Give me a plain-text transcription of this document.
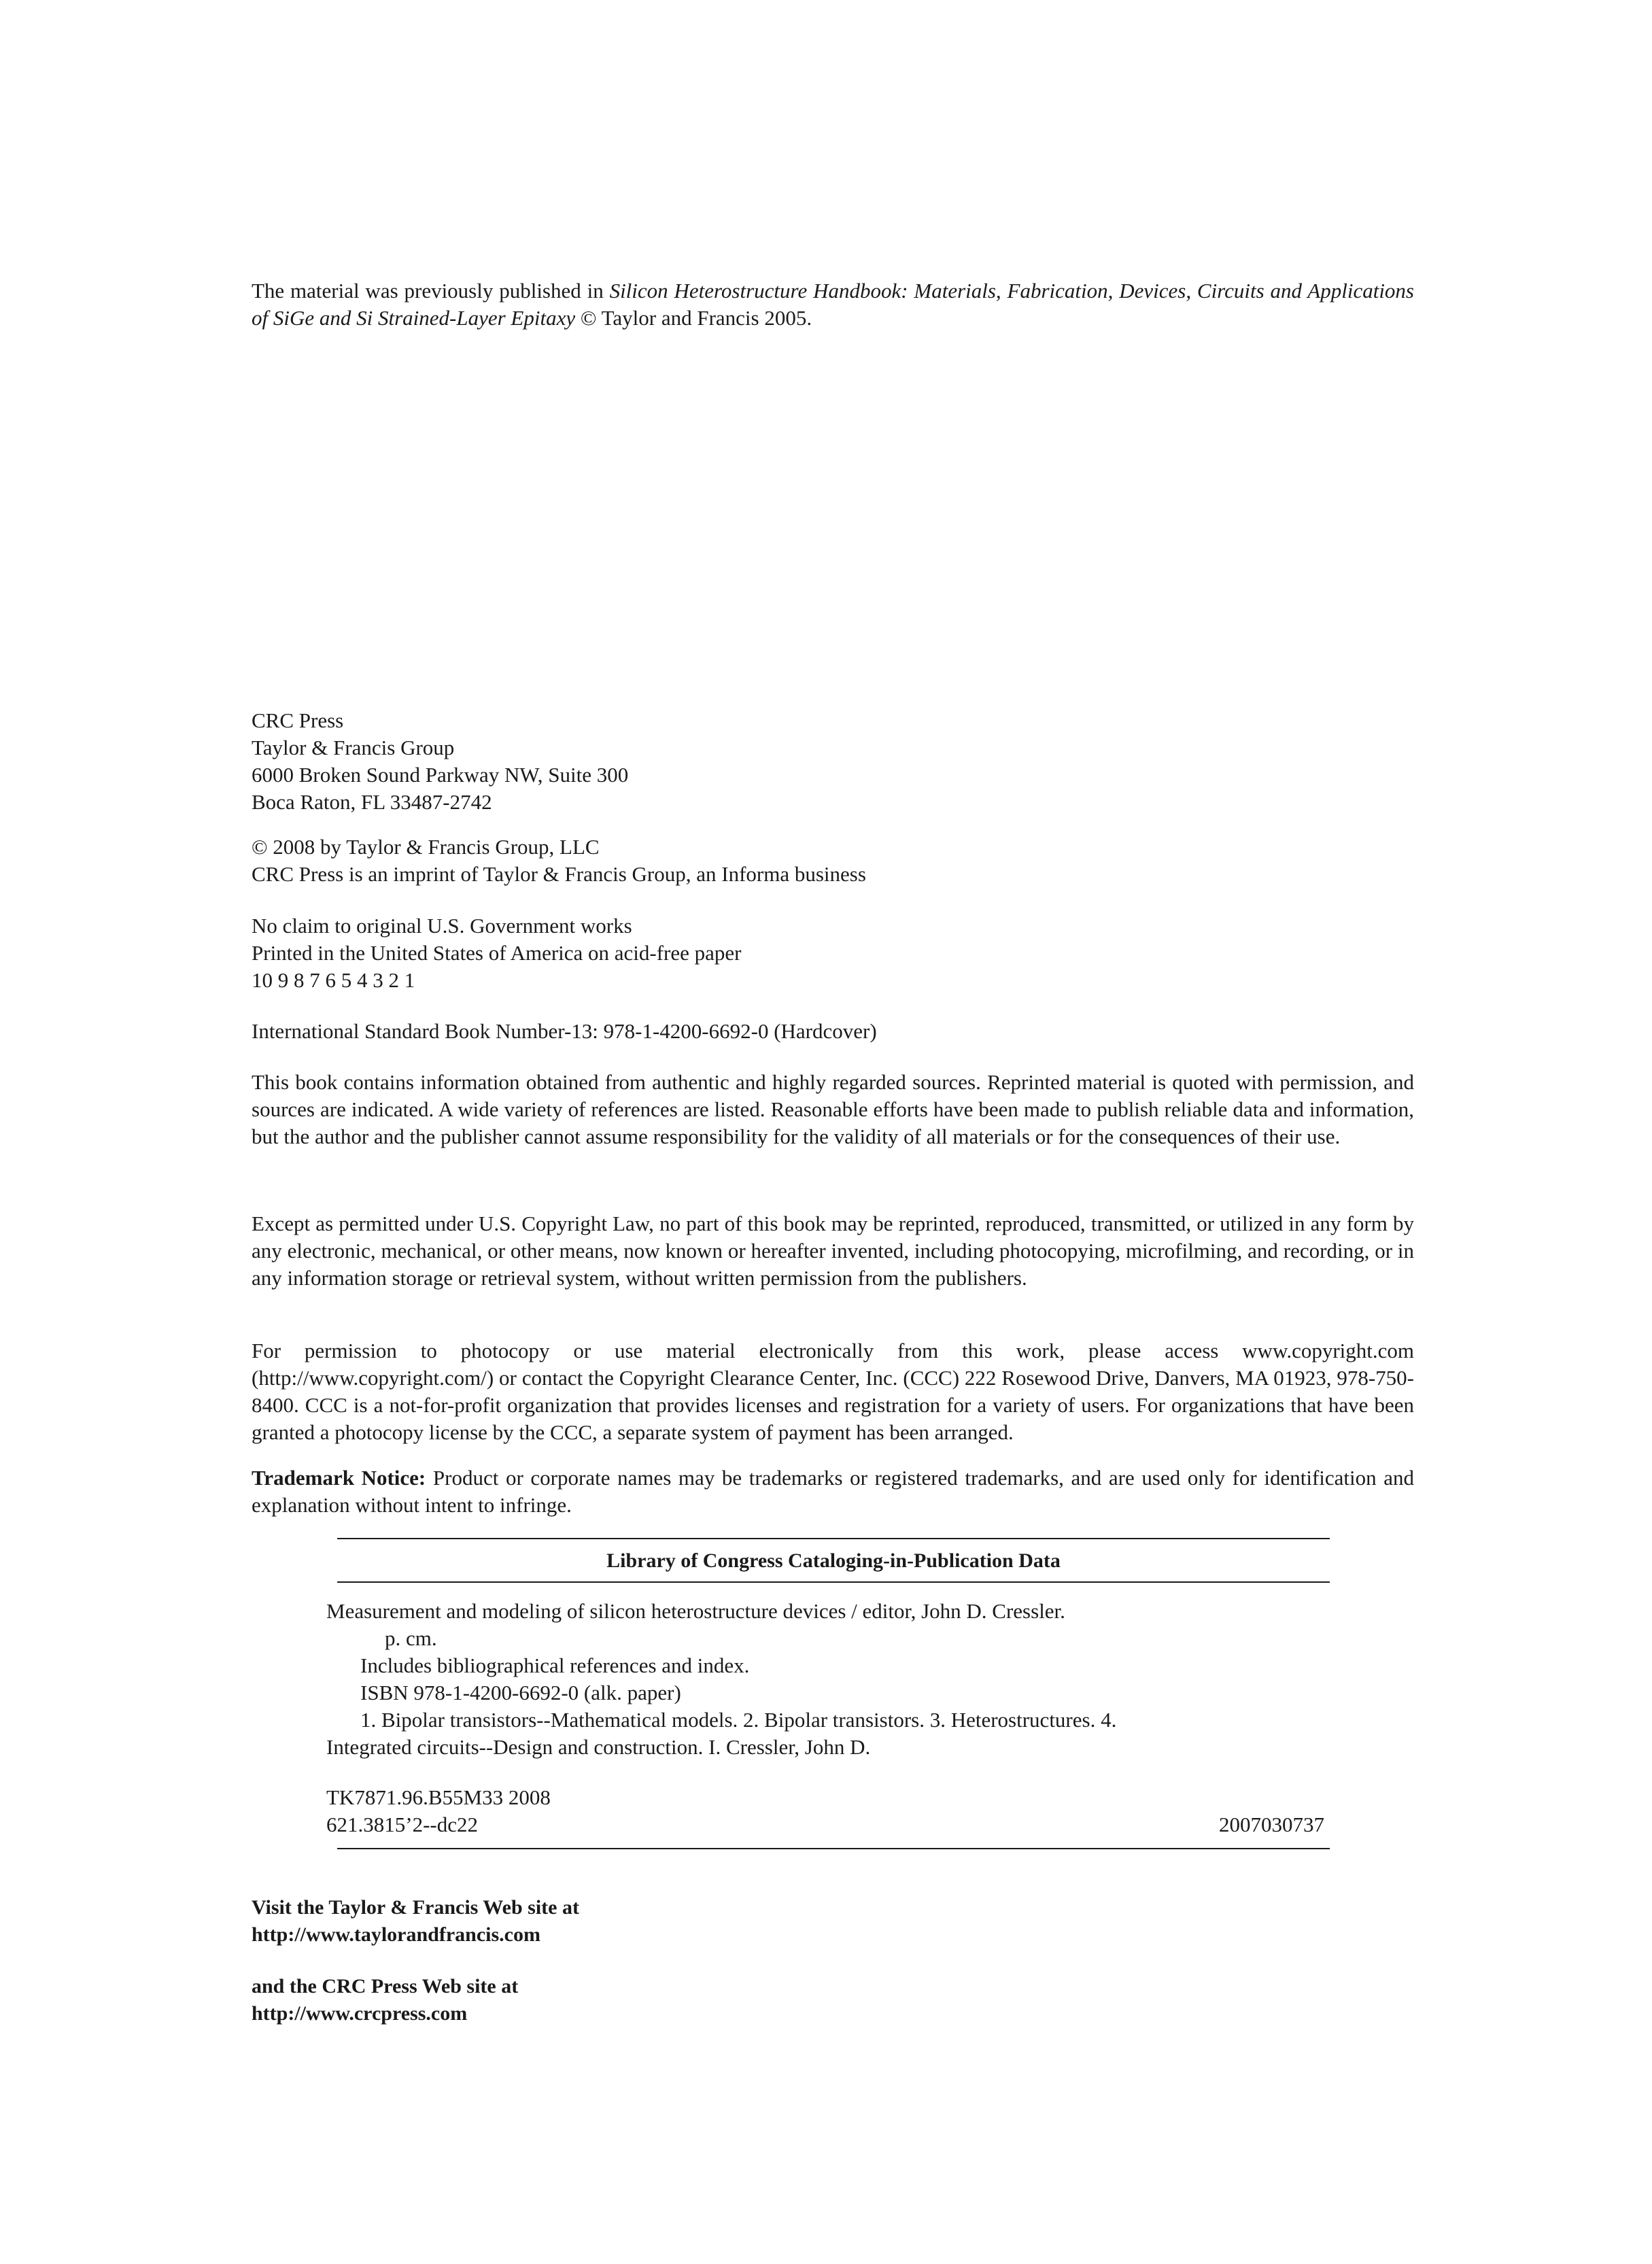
The material was previously published in Silicon Heterostructure Handbook: Materials, Fabrication, Devices, Circuits and Applications of SiGe and Si Strained-Layer Epitaxy © Taylor and Francis 2005.

CRC Press
Taylor & Francis Group
6000 Broken Sound Parkway NW, Suite 300
Boca Raton, FL 33487-2742
© 2008 by Taylor & Francis Group, LLC
CRC Press is an imprint of Taylor & Francis Group, an Informa business
No claim to original U.S. Government works
Printed in the United States of America on acid-free paper
10 9 8 7 6 5 4 3 2 1
International Standard Book Number-13: 978-1-4200-6692-0 (Hardcover)
This book contains information obtained from authentic and highly regarded sources. Reprinted material is quoted with permission, and sources are indicated. A wide variety of references are listed. Reasonable efforts have been made to publish reliable data and information, but the author and the publisher cannot assume responsibility for the validity of all materials or for the consequences of their use.
Except as permitted under U.S. Copyright Law, no part of this book may be reprinted, reproduced, transmitted, or utilized in any form by any electronic, mechanical, or other means, now known or hereafter invented, including photocopying, microfilming, and recording, or in any information storage or retrieval system, without written permission from the publishers.
For permission to photocopy or use material electronically from this work, please access www.copyright.com (http://www.copyright.com/) or contact the Copyright Clearance Center, Inc. (CCC) 222 Rosewood Drive, Danvers, MA 01923, 978-750-8400. CCC is a not-for-profit organization that provides licenses and registration for a variety of users. For organizations that have been granted a photocopy license by the CCC, a separate system of payment has been arranged.

Trademark Notice: Product or corporate names may be trademarks or registered trademarks, and are used only for identification and explanation without intent to infringe.

Library of Congress Cataloging-in-Publication Data
Measurement and modeling of silicon heterostructure devices / editor, John D. Cressler.
p. cm.
Includes bibliographical references and index.
ISBN 978-1-4200-6692-0 (alk. paper)
1. Bipolar transistors--Mathematical models. 2. Bipolar transistors. 3. Heterostructures. 4.
Integrated circuits--Design and construction. I. Cressler, John D.
TK7871.96.B55M33 2008
621.3815’2--dc22	2007030737
Visit the Taylor & Francis Web site at
http://www.taylorandfrancis.com
and the CRC Press Web site at
http://www.crcpress.com
